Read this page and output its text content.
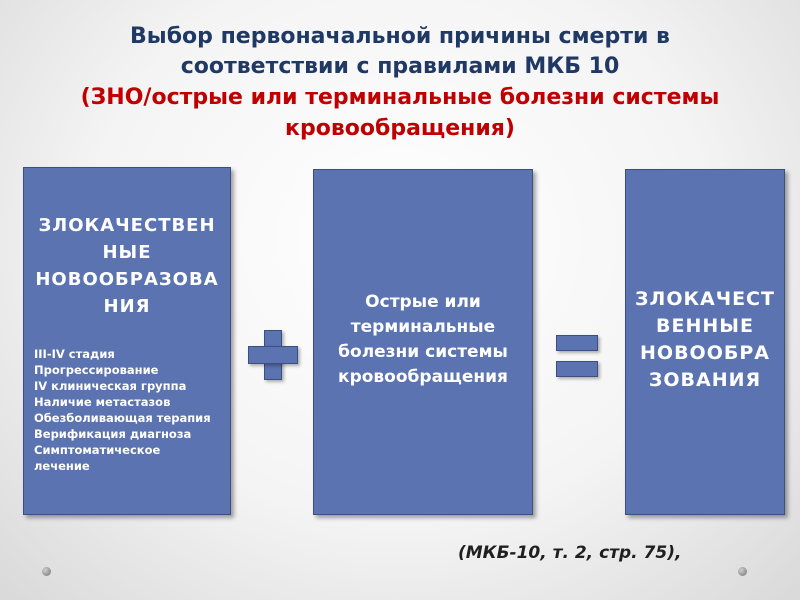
Выбор первоначальной причины смерти в
соответствии с правилами МКБ 10
(ЗНО/острые или терминальные болезни системы
кровообращения)
ЗЛОКАЧЕСТВЕН
НЫЕ
НОВООБРАЗОВА
НИЯ
III-IV стадия
Прогрессирование
IV клиническая группа
Наличие метастазов
Обезболивающая терапия
Верификация диагноза
Симптоматическое
лечение
Острые или
терминальные
болезни системы
кровообращения
ЗЛОКАЧЕСТ
ВЕННЫЕ
НОВООБРА
ЗОВАНИЯ
(МКБ-10, т. 2, стр. 75),
